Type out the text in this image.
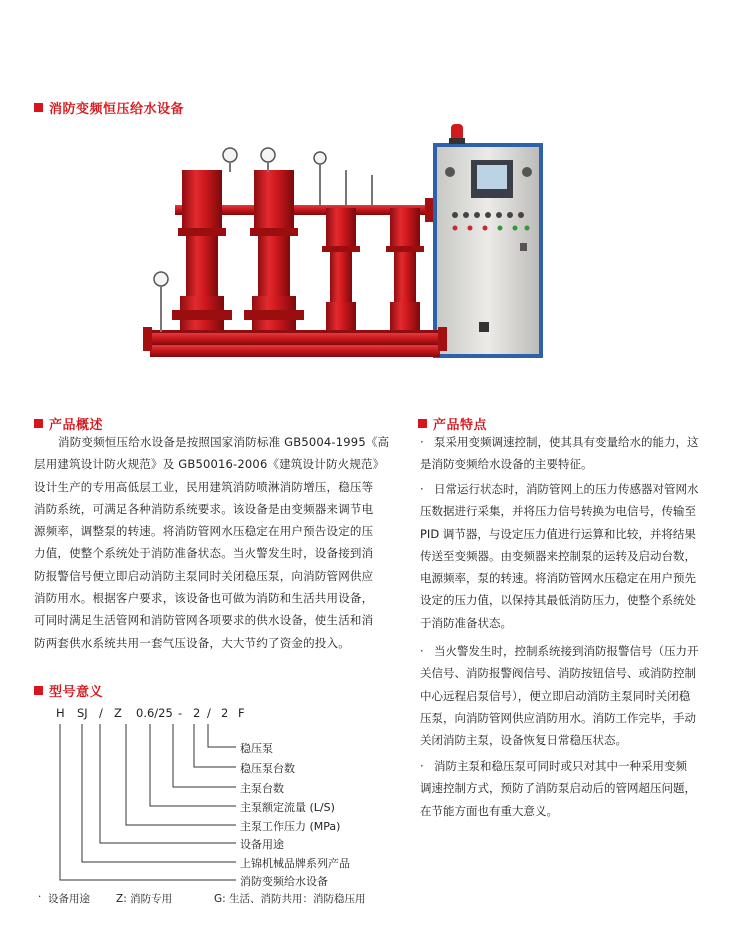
消防变频恒压给水设备
产品概述

消防变频恒压给水设备是按照国家消防标准 GB5004-1995《高

层用建筑设计防火规范》及 GB50016-2006《建筑设计防火规范》

设计生产的专用高低层工业，民用建筑消防喷淋消防增压，稳压等

消防系统，可满足各种消防系统要求。该设备是由变频器来调节电

源频率，调整泵的转速。将消防管网水压稳定在用户预告设定的压

力值，使整个系统处于消防准备状态。当火警发生时，设备接到消

防报警信号便立即启动消防主泵同时关闭稳压泵，向消防管网供应

消防用水。根据客户要求，该设备也可做为消防和生活共用设备，

可同时满足生活管网和消防管网各项要求的供水设备，使生活和消

防两套供水系统共用一套气压设备，大大节约了资金的投入。

型号意义
H SJ / Z 0.6/25 - 2 / 2 F
稳压泵
稳压泵台数
主泵台数
主泵额定流量 (L/S)
主泵工作压力 (MPa)
设备用途
上锦机械品牌系列产品
消防变频给水设备
· 设备用途 Z: 消防专用	G: 生活、消防共用：消防稳压用
产品特点
· 泵采用变频调速控制，使其具有变量给水的能力，这
是消防变频给水设备的主要特征。
· 日常运行状态时，消防管网上的压力传感器对管网水
压数据进行采集，并将压力信号转换为电信号，传输至
PID 调节器，与设定压力值进行运算和比较，并将结果
传送至变频器。由变频器来控制泵的运转及启动台数，
电源频率，泵的转速。将消防管网水压稳定在用户预先
设定的压力值，以保持其最低消防压力，使整个系统处
于消防准备状态。
· 当火警发生时，控制系统接到消防报警信号（压力开
关信号、消防报警阀信号、消防按钮信号、或消防控制
中心远程启泵信号），便立即启动消防主泵同时关闭稳
压泵，向消防管网供应消防用水。消防工作完毕，手动
关闭消防主泵，设备恢复日常稳压状态。
· 消防主泵和稳压泵可同时或只对其中一种采用变频
调速控制方式，预防了消防泵启动后的管网超压问题，
在节能方面也有重大意义。
